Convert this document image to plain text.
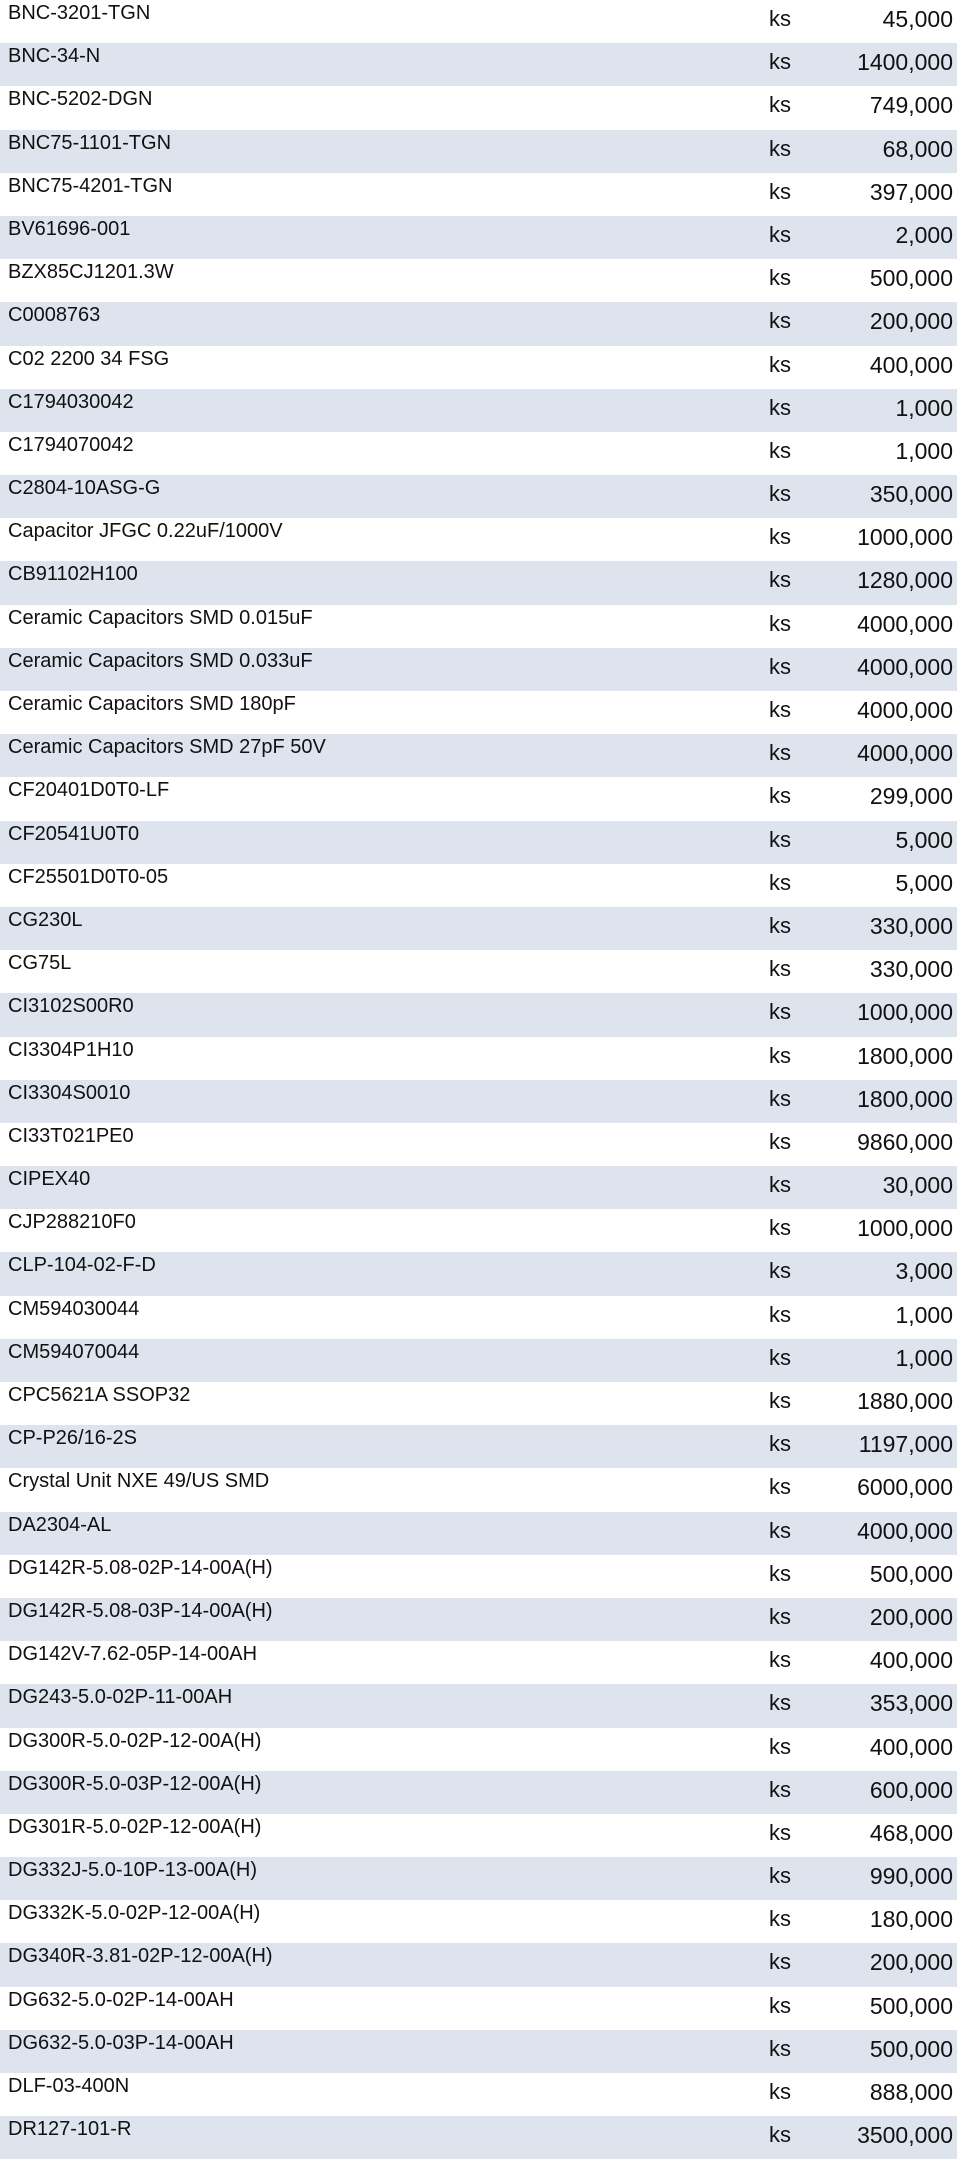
BNC-3201-TGN	ks	45,000
BNC-34-N	ks	1400,000
BNC-5202-DGN	ks	749,000
BNC75-1101-TGN	ks	68,000
BNC75-4201-TGN	ks	397,000
BV61696-001	ks	2,000
BZX85CJ1201.3W	ks	500,000
C0008763	ks	200,000
C02 2200 34 FSG	ks	400,000
C1794030042	ks	1,000
C1794070042	ks	1,000
C2804-10ASG-G	ks	350,000
Capacitor JFGC 0.22uF/1000V	ks	1000,000
CB91102H100	ks	1280,000
Ceramic Capacitors SMD 0.015uF	ks	4000,000
Ceramic Capacitors SMD 0.033uF	ks	4000,000
Ceramic Capacitors SMD 180pF	ks	4000,000
Ceramic Capacitors SMD 27pF 50V	ks	4000,000
CF20401D0T0-LF	ks	299,000
CF20541U0T0	ks	5,000
CF25501D0T0-05	ks	5,000
CG230L	ks	330,000
CG75L	ks	330,000
CI3102S00R0	ks	1000,000
CI3304P1H10	ks	1800,000
CI3304S0010	ks	1800,000
CI33T021PE0	ks	9860,000
CIPEX40	ks	30,000
CJP288210F0	ks	1000,000
CLP-104-02-F-D	ks	3,000
CM594030044	ks	1,000
CM594070044	ks	1,000
CPC5621A SSOP32	ks	1880,000
CP-P26/16-2S	ks	1197,000
Crystal Unit NXE 49/US SMD	ks	6000,000
DA2304-AL	ks	4000,000
DG142R-5.08-02P-14-00A(H)	ks	500,000
DG142R-5.08-03P-14-00A(H)	ks	200,000
DG142V-7.62-05P-14-00AH	ks	400,000
DG243-5.0-02P-11-00AH	ks	353,000
DG300R-5.0-02P-12-00A(H)	ks	400,000
DG300R-5.0-03P-12-00A(H)	ks	600,000
DG301R-5.0-02P-12-00A(H)	ks	468,000
DG332J-5.0-10P-13-00A(H)	ks	990,000
DG332K-5.0-02P-12-00A(H)	ks	180,000
DG340R-3.81-02P-12-00A(H)	ks	200,000
DG632-5.0-02P-14-00AH	ks	500,000
DG632-5.0-03P-14-00AH	ks	500,000
DLF-03-400N	ks	888,000
DR127-101-R	ks	3500,000
